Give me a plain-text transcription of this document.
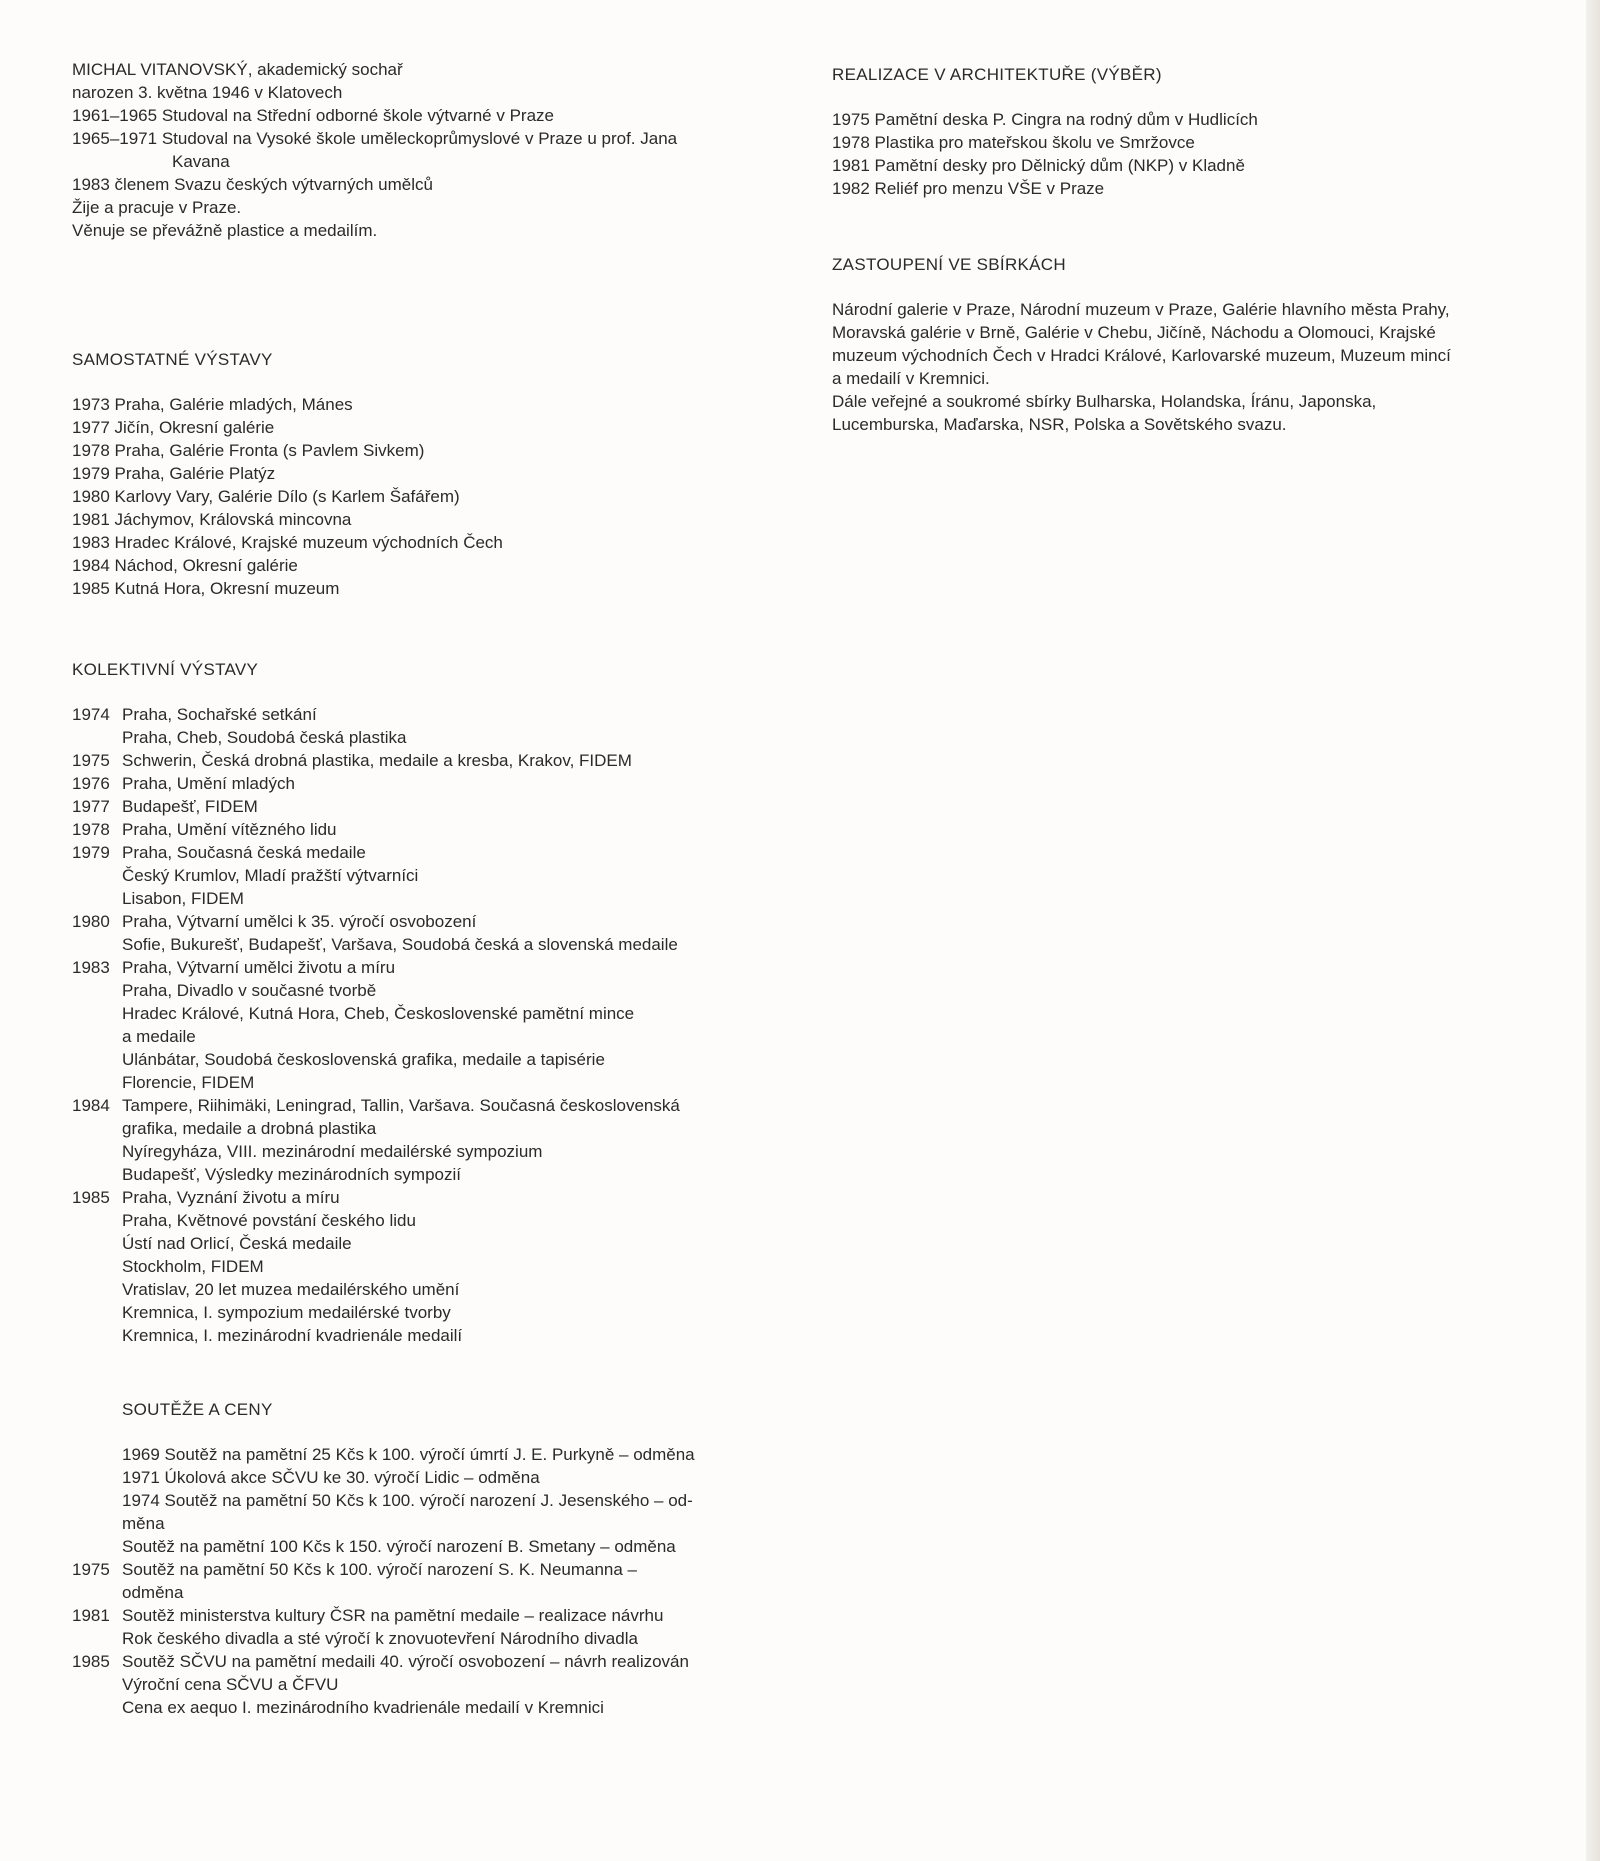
MICHAL VITANOVSKÝ, akademický sochař
narozen 3. května 1946 v Klatovech
1961–1965 Studoval na Střední odborné škole výtvarné v Praze
1965–1971 Studoval na Vysoké škole uměleckoprůmyslové v Praze u prof. Jana
Kavana
1983 členem Svazu českých výtvarných umělců
Žije a pracuje v Praze.
Věnuje se převážně plastice a medailím.
SAMOSTATNÉ VÝSTAVY
1973 Praha, Galérie mladých, Mánes
1977 Jičín, Okresní galérie
1978 Praha, Galérie Fronta (s Pavlem Sivkem)
1979 Praha, Galérie Platýz
1980 Karlovy Vary, Galérie Dílo (s Karlem Šafářem)
1981 Jáchymov, Královská mincovna
1983 Hradec Králové, Krajské muzeum východních Čech
1984 Náchod, Okresní galérie
1985 Kutná Hora, Okresní muzeum
KOLEKTIVNÍ VÝSTAVY
1974 Praha, Sochařské setkání
Praha, Cheb, Soudobá česká plastika
1975 Schwerin, Česká drobná plastika, medaile a kresba, Krakov, FIDEM
1976 Praha, Umění mladých
1977 Budapešť, FIDEM
1978 Praha, Umění vítězného lidu
1979 Praha, Současná česká medaile
Český Krumlov, Mladí pražští výtvarníci
Lisabon, FIDEM
1980 Praha, Výtvarní umělci k 35. výročí osvobození
Sofie, Bukurešť, Budapešť, Varšava, Soudobá česká a slovenská medaile
1983 Praha, Výtvarní umělci životu a míru
Praha, Divadlo v současné tvorbě
Hradec Králové, Kutná Hora, Cheb, Československé pamětní mince
a medaile
Ulánbátar, Soudobá československá grafika, medaile a tapisérie
Florencie, FIDEM
1984 Tampere, Riihimäki, Leningrad, Tallin, Varšava. Současná československá
grafika, medaile a drobná plastika
Nyíregyháza, VIII. mezinárodní medailérské sympozium
Budapešť, Výsledky mezinárodních sympozií
1985 Praha, Vyznání životu a míru
Praha, Květnové povstání českého lidu
Ústí nad Orlicí, Česká medaile
Stockholm, FIDEM
Vratislav, 20 let muzea medailérského umění
Kremnica, I. sympozium medailérské tvorby
Kremnica, I. mezinárodní kvadrienále medailí
SOUTĚŽE A CENY
1969 Soutěž na pamětní 25 Kčs k 100. výročí úmrtí J. E. Purkyně – odměna
1971 Úkolová akce SČVU ke 30. výročí Lidic – odměna
1974 Soutěž na pamětní 50 Kčs k 100. výročí narození J. Jesenského – od-
měna
Soutěž na pamětní 100 Kčs k 150. výročí narození B. Smetany – odměna
1975 Soutěž na pamětní 50 Kčs k 100. výročí narození S. K. Neumanna –
odměna
1981 Soutěž ministerstva kultury ČSR na pamětní medaile – realizace návrhu
Rok českého divadla a sté výročí k znovuotevření Národního divadla
1985 Soutěž SČVU na pamětní medaili 40. výročí osvobození – návrh realizován
Výroční cena SČVU a ČFVU
Cena ex aequo I. mezinárodního kvadrienále medailí v Kremnici
REALIZACE V ARCHITEKTUŘE (VÝBĚR)
1975 Pamětní deska P. Cingra na rodný dům v Hudlicích
1978 Plastika pro mateřskou školu ve Smržovce
1981 Pamětní desky pro Dělnický dům (NKP) v Kladně
1982 Reliéf pro menzu VŠE v Praze
ZASTOUPENÍ VE SBÍRKÁCH
Národní galerie v Praze, Národní muzeum v Praze, Galérie hlavního města Prahy,
Moravská galérie v Brně, Galérie v Chebu, Jičíně, Náchodu a Olomouci, Krajské
muzeum východních Čech v Hradci Králové, Karlovarské muzeum, Muzeum mincí
a medailí v Kremnici.
Dále veřejné a soukromé sbírky Bulharska, Holandska, Íránu, Japonska,
Lucemburska, Maďarska, NSR, Polska a Sovětského svazu.
